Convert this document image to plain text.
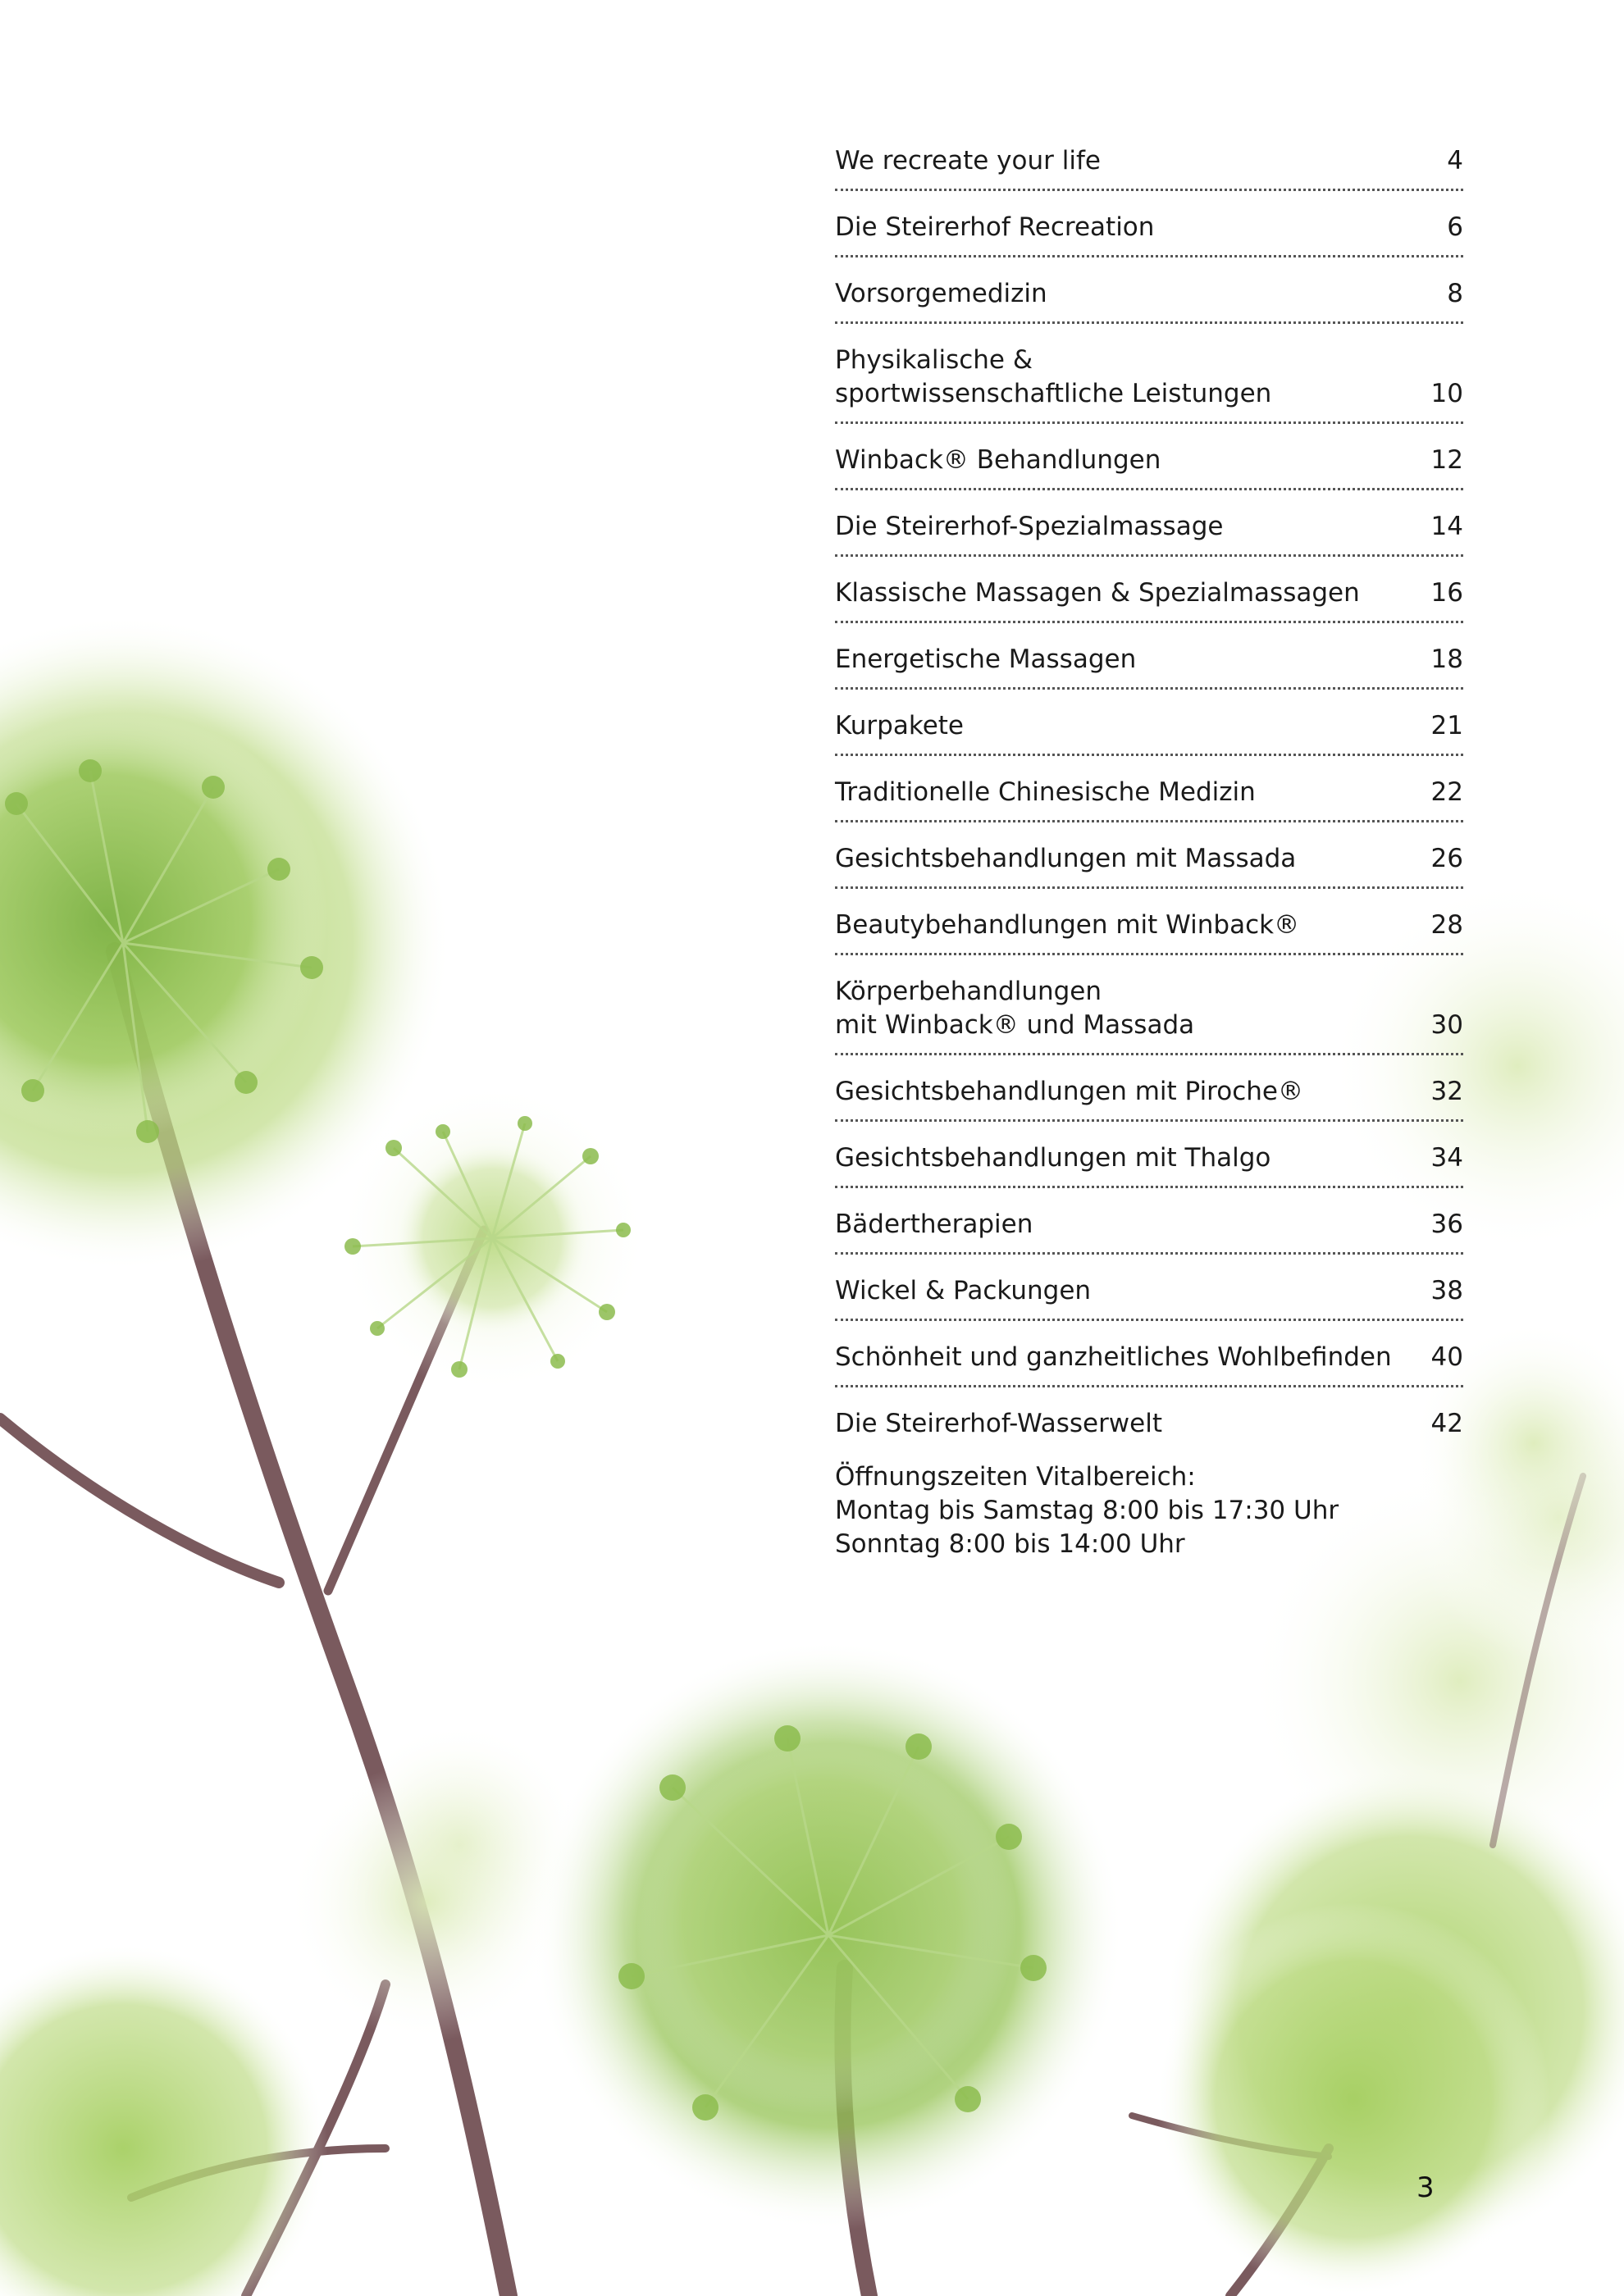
We recreate your life	4
Die Steirerhof Recreation	6
Vorsorgemedizin	8
Physikalische &
sportwissenschaftliche Leistungen	10
Winback® Behandlungen	12
Die Steirerhof-Spezialmassage	14
Klassische Massagen & Spezialmassagen	16
Energetische Massagen	18
Kurpakete	21
Traditionelle Chinesische Medizin	22
Gesichtsbehandlungen mit Massada	26
Beautybehandlungen mit Winback®	28
Körperbehandlungen
mit Winback® und Massada	30
Gesichtsbehandlungen mit Piroche®	32
Gesichtsbehandlungen mit Thalgo	34
Bädertherapien	36
Wickel & Packungen	38
Schönheit und ganzheitliches Wohlbefinden	40
Die Steirerhof-Wasserwelt	42
Öffnungszeiten Vitalbereich:
Montag bis Samstag 8:00 bis 17:30 Uhr
Sonntag 8:00 bis 14:00 Uhr
3
